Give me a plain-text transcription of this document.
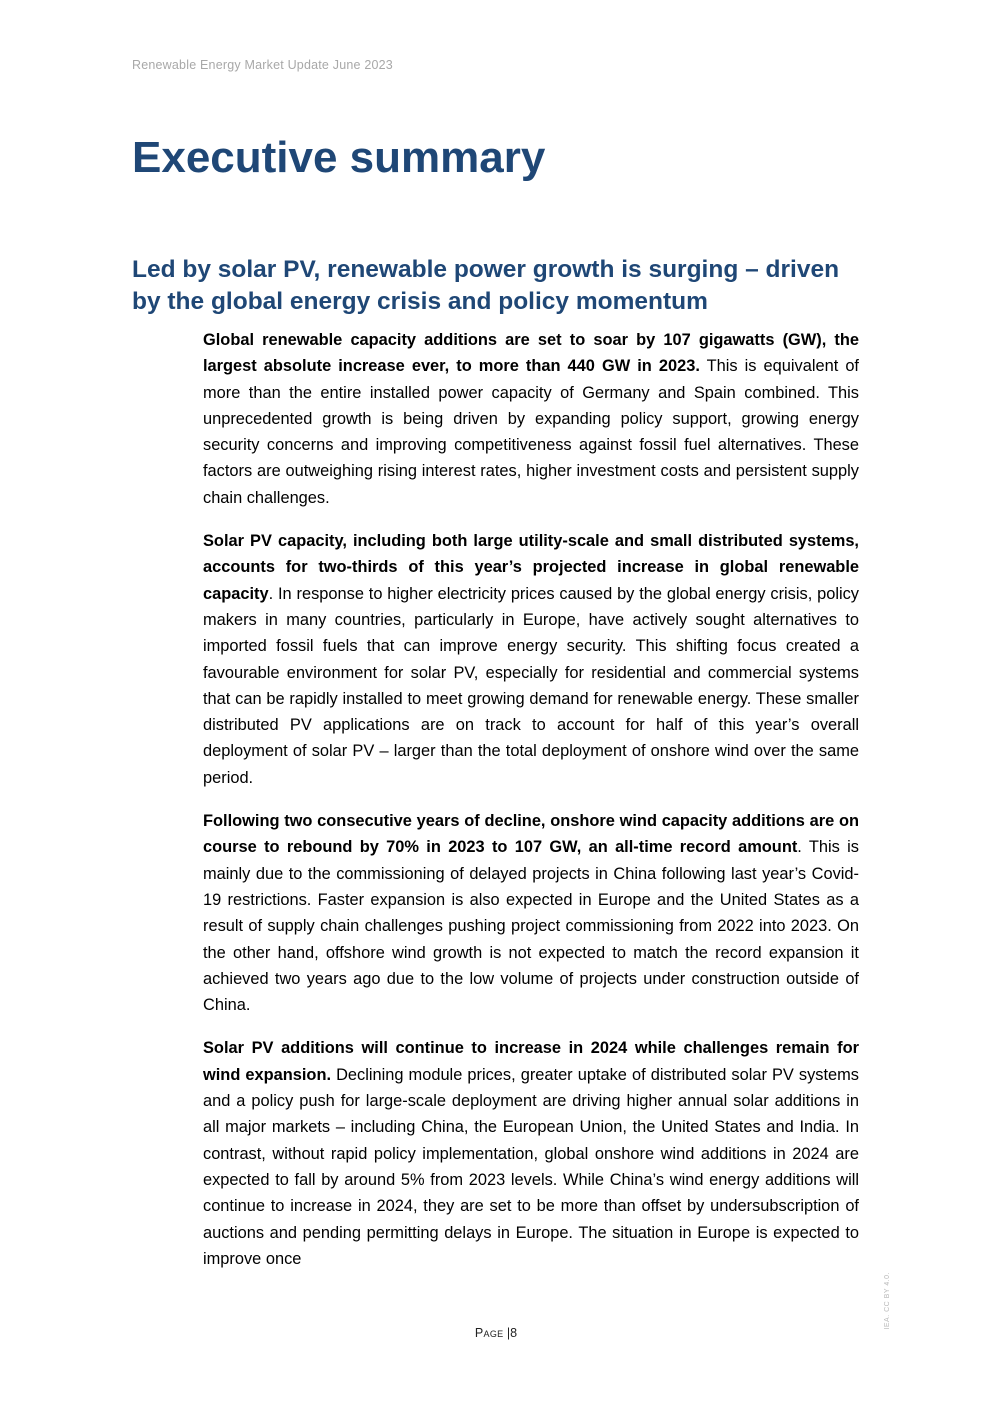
Renewable Energy Market Update June 2023
Executive summary
Led by solar PV, renewable power growth is surging – driven by the global energy crisis and policy momentum

Global renewable capacity additions are set to soar by 107 gigawatts (GW), the largest absolute increase ever, to more than 440 GW in 2023. This is equivalent of more than the entire installed power capacity of Germany and Spain combined. This unprecedented growth is being driven by expanding policy support, growing energy security concerns and improving competitiveness against fossil fuel alternatives. These factors are outweighing rising interest rates, higher investment costs and persistent supply chain challenges.

Solar PV capacity, including both large utility-scale and small distributed systems, accounts for two-thirds of this year’s projected increase in global renewable capacity. In response to higher electricity prices caused by the global energy crisis, policy makers in many countries, particularly in Europe, have actively sought alternatives to imported fossil fuels that can improve energy security. This shifting focus created a favourable environment for solar PV, especially for residential and commercial systems that can be rapidly installed to meet growing demand for renewable energy. These smaller distributed PV applications are on track to account for half of this year’s overall deployment of solar PV – larger than the total deployment of onshore wind over the same period.

Following two consecutive years of decline, onshore wind capacity additions are on course to rebound by 70% in 2023 to 107 GW, an all-time record amount. This is mainly due to the commissioning of delayed projects in China following last year’s Covid-19 restrictions. Faster expansion is also expected in Europe and the United States as a result of supply chain challenges pushing project commissioning from 2022 into 2023. On the other hand, offshore wind growth is not expected to match the record expansion it achieved two years ago due to the low volume of projects under construction outside of China.

Solar PV additions will continue to increase in 2024 while challenges remain for wind expansion. Declining module prices, greater uptake of distributed solar PV systems and a policy push for large-scale deployment are driving higher annual solar additions in all major markets – including China, the European Union, the United States and India. In contrast, without rapid policy implementation, global onshore wind additions in 2024 are expected to fall by around 5% from 2023 levels. While China’s wind energy additions will continue to increase in 2024, they are set to be more than offset by undersubscription of auctions and pending permitting delays in Europe. The situation in Europe is expected to improve once

Page |8
IEA. CC BY 4.0.
